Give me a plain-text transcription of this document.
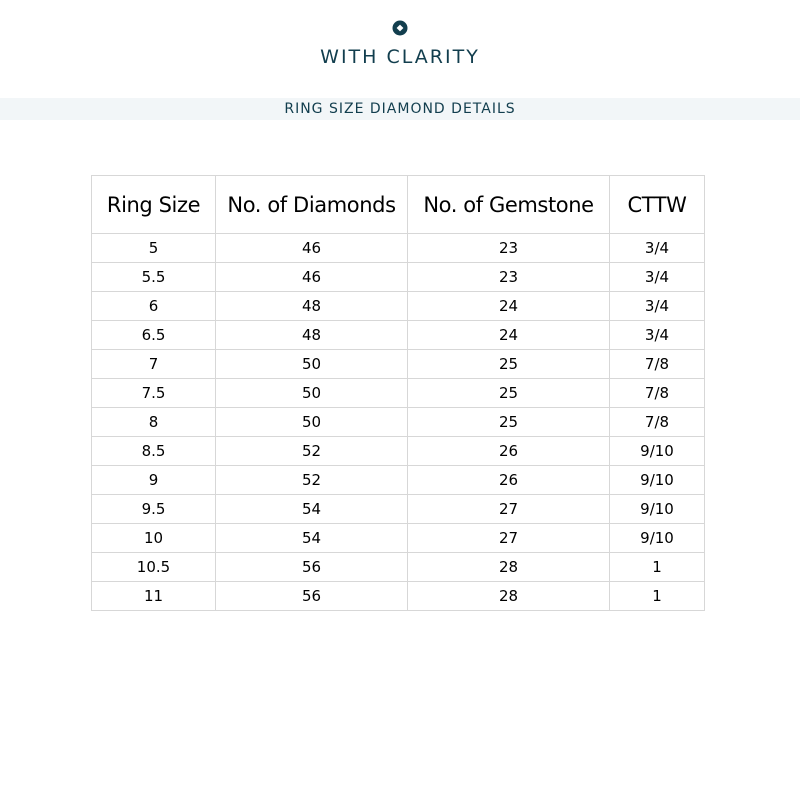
WITH CLARITY
RING SIZE DIAMOND DETAILS
Ring Size	No. of Diamonds	No. of Gemstone	CTTW
5	46	23	3/4
5.5	46	23	3/4
6	48	24	3/4
6.5	48	24	3/4
7	50	25	7/8
7.5	50	25	7/8
8	50	25	7/8
8.5	52	26	9/10
9	52	26	9/10
9.5	54	27	9/10
10	54	27	9/10
10.5	56	28	1
11	56	28	1
